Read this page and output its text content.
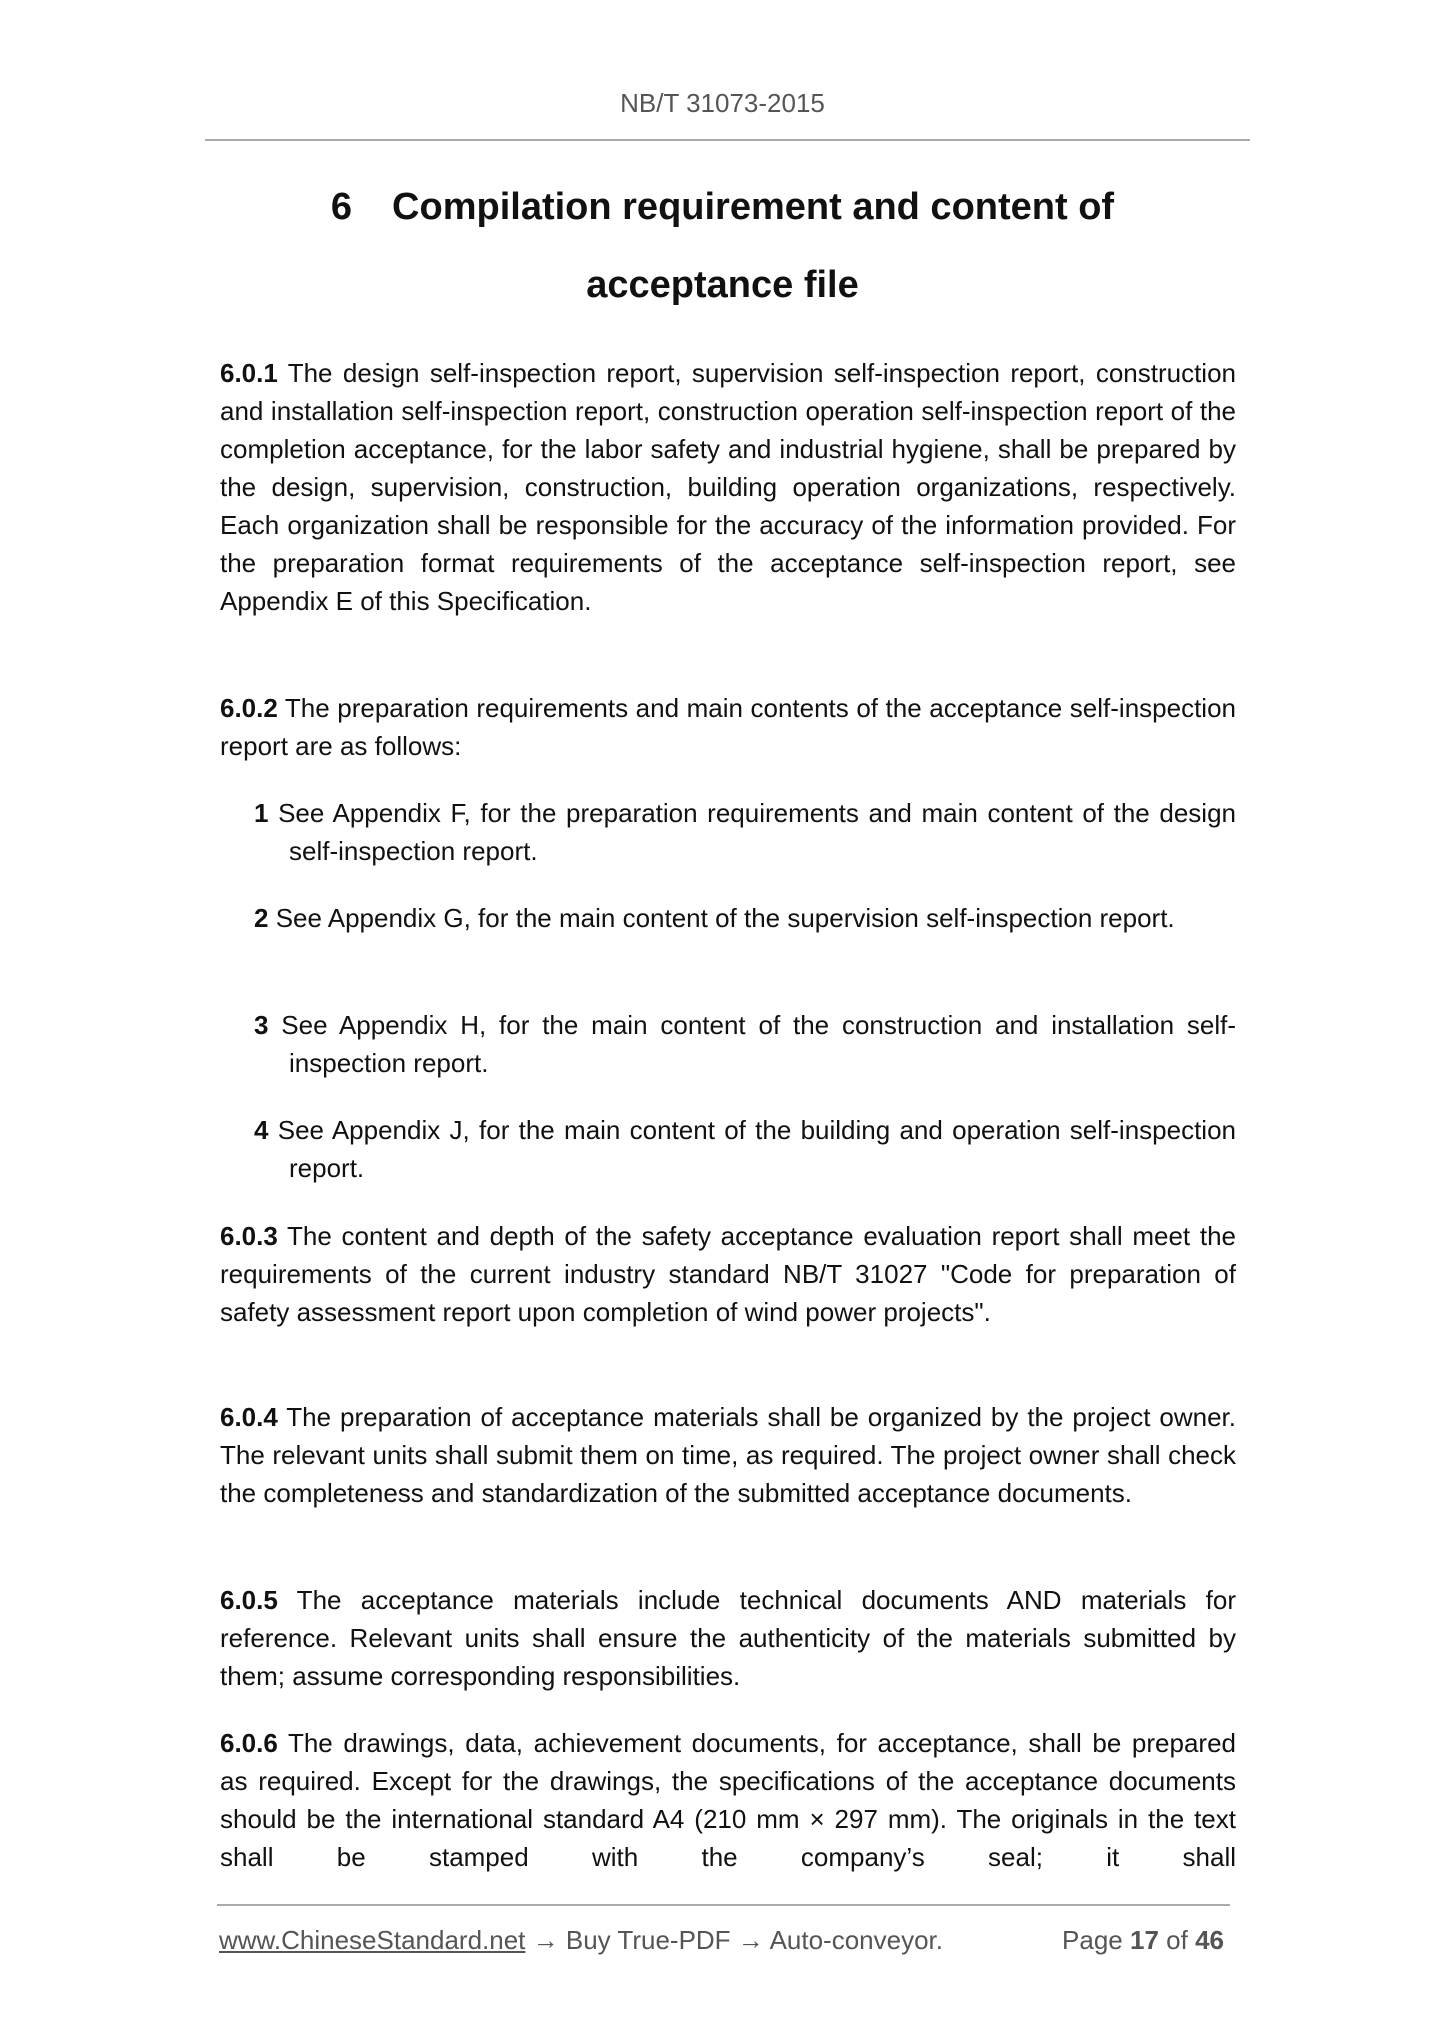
NB/T 31073-2015
6 Compilation requirement and content of
acceptance file

6.0.1 The design self-inspection report, supervision self-inspection report, construction and installation self-inspection report, construction operation self-inspection report of the completion acceptance, for the labor safety and industrial hygiene, shall be prepared by the design, supervision, construction, building operation organizations, respectively. Each organization shall be responsible for the accuracy of the information provided. For the preparation format requirements of the acceptance self-inspection report, see Appendix E of this Specification.

6.0.2 The preparation requirements and main contents of the acceptance self-inspection report are as follows:

1 See Appendix F, for the preparation requirements and main content of the design self-inspection report.

2 See Appendix G, for the main content of the supervision self-inspection report.

3 See Appendix H, for the main content of the construction and installation self-inspection report.

4 See Appendix J, for the main content of the building and operation self-inspection report.

6.0.3 The content and depth of the safety acceptance evaluation report shall meet the requirements of the current industry standard NB/T 31027 "Code for preparation of safety assessment report upon completion of wind power projects".

6.0.4 The preparation of acceptance materials shall be organized by the project owner. The relevant units shall submit them on time, as required. The project owner shall check the completeness and standardization of the submitted acceptance documents.

6.0.5 The acceptance materials include technical documents AND materials for reference. Relevant units shall ensure the authenticity of the materials submitted by them; assume corresponding responsibilities.

6.0.6 The drawings, data, achievement documents, for acceptance, shall be prepared as required. Except for the drawings, the specifications of the acceptance documents should be the international standard A4 (210 mm × 297 mm). The originals in the text shall be stamped with the company’s seal; it shall

www.ChineseStandard.net → Buy True-PDF → Auto-conveyor.	Page 17 of 46
